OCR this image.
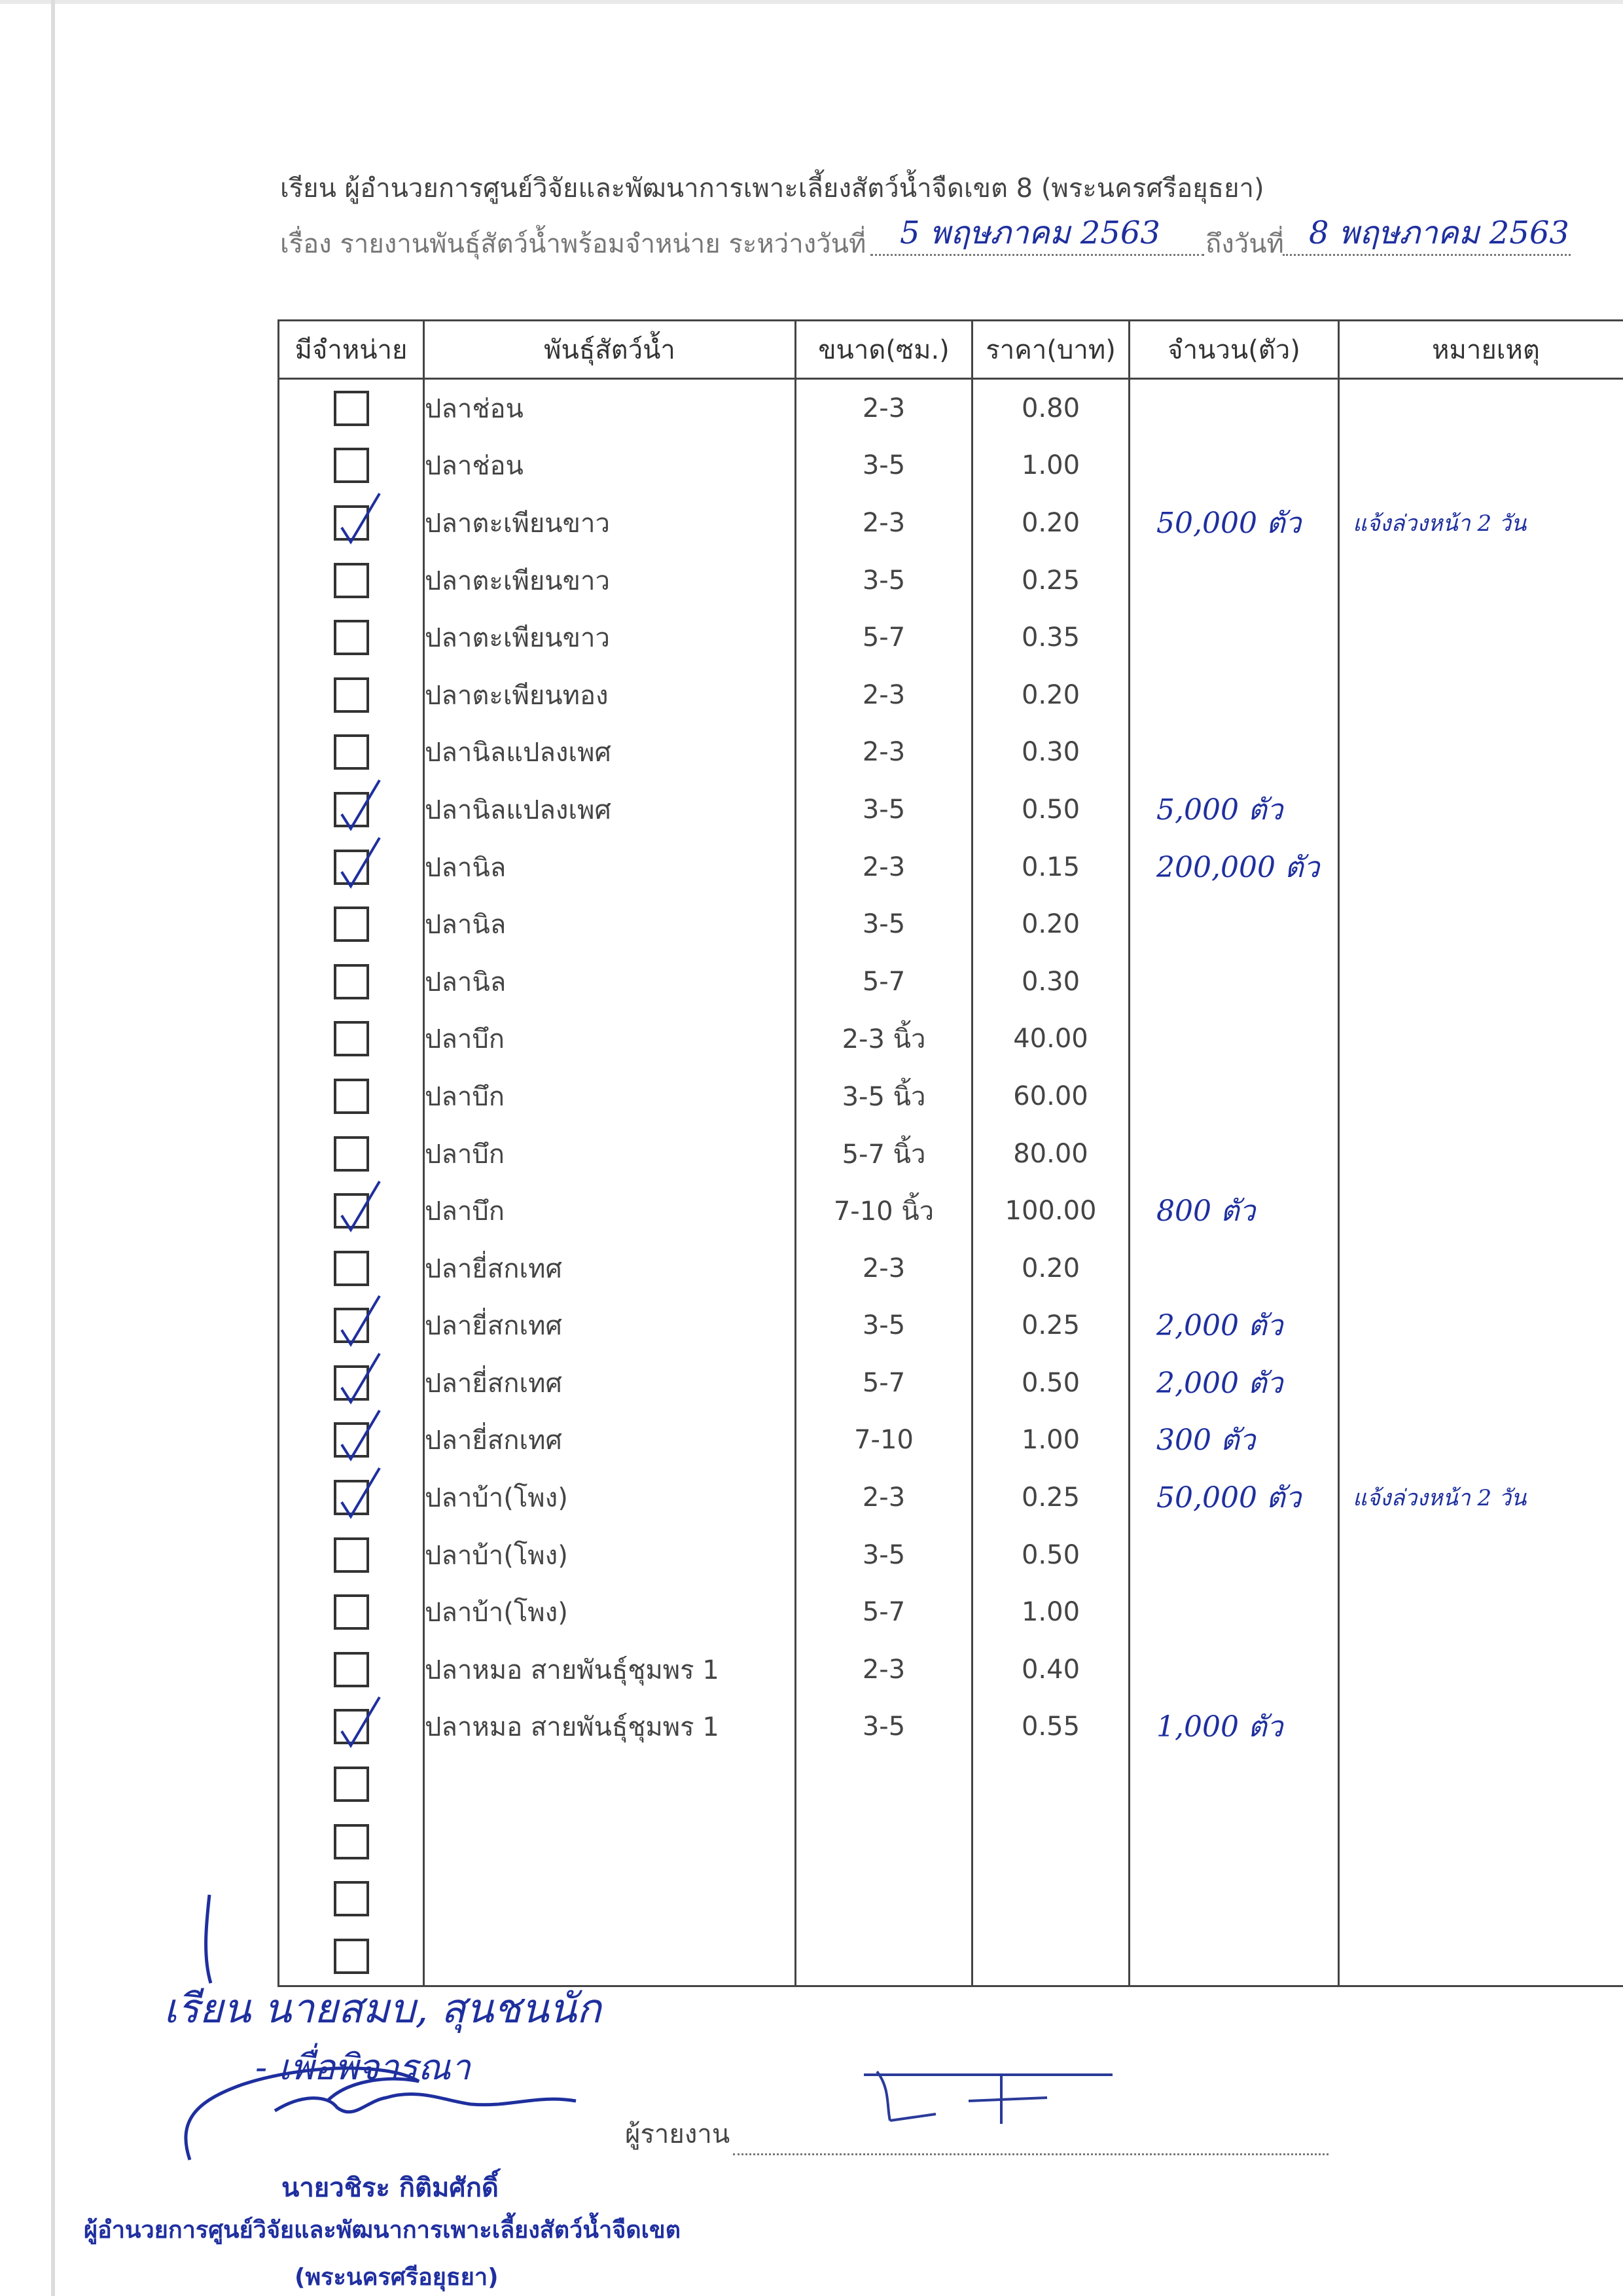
เรียน ผู้อำนวยการศูนย์วิจัยและพัฒนาการเพาะเลี้ยงสัตว์น้ำจืดเขต 8 (พระนครศรีอยุธยา)
เรื่อง รายงานพันธุ์สัตว์น้ำพร้อมจำหน่าย ระหว่างวันที่ 5 พฤษภาคม 2563 ถึงวันที่ 8 พฤษภาคม 2563
มีจำหน่าย	พันธุ์สัตว์น้ำ	ขนาด(ซม.)	ราคา(บาท)	จำนวน(ตัว)	หมายเหตุ
	ปลาช่อน	2-3	0.80		
	ปลาช่อน	3-5	1.00		

	ปลาตะเพียนขาว	2-3	0.20	50,000 ตัว	แจ้งล่วงหน้า 2 วัน
	ปลาตะเพียนขาว	3-5	0.25		
	ปลาตะเพียนขาว	5-7	0.35		
	ปลาตะเพียนทอง	2-3	0.20		
	ปลานิลแปลงเพศ	2-3	0.30		

	ปลานิลแปลงเพศ	3-5	0.50	5,000 ตัว	

	ปลานิล	2-3	0.15	200,000 ตัว	
	ปลานิล	3-5	0.20		
	ปลานิล	5-7	0.30		
	ปลาบึก	2-3 นิ้ว	40.00		
	ปลาบึก	3-5 นิ้ว	60.00		
	ปลาบึก	5-7 นิ้ว	80.00		

	ปลาบึก	7-10 นิ้ว	100.00	800 ตัว	
	ปลายี่สกเทศ	2-3	0.20		

	ปลายี่สกเทศ	3-5	0.25	2,000 ตัว	

	ปลายี่สกเทศ	5-7	0.50	2,000 ตัว	

	ปลายี่สกเทศ	7-10	1.00	300 ตัว	

	ปลาบ้า(โพง)	2-3	0.25	50,000 ตัว	แจ้งล่วงหน้า 2 วัน
	ปลาบ้า(โพง)	3-5	0.50		
	ปลาบ้า(โพง)	5-7	1.00		
	ปลาหมอ สายพันธุ์ชุมพร 1	2-3	0.40		

	ปลาหมอ สายพันธุ์ชุมพร 1	3-5	0.55	1,000 ตัว	

เรียน นายสมบ, สุนชนนัก
- เพื่อพิจารณา
ผู้รายงาน
นายวชิระ กิติมศักดิ์
ผู้อำนวยการศูนย์วิจัยและพัฒนาการเพาะเลี้ยงสัตว์น้ำจืดเขต
(พระนครศรีอยุธยา)
